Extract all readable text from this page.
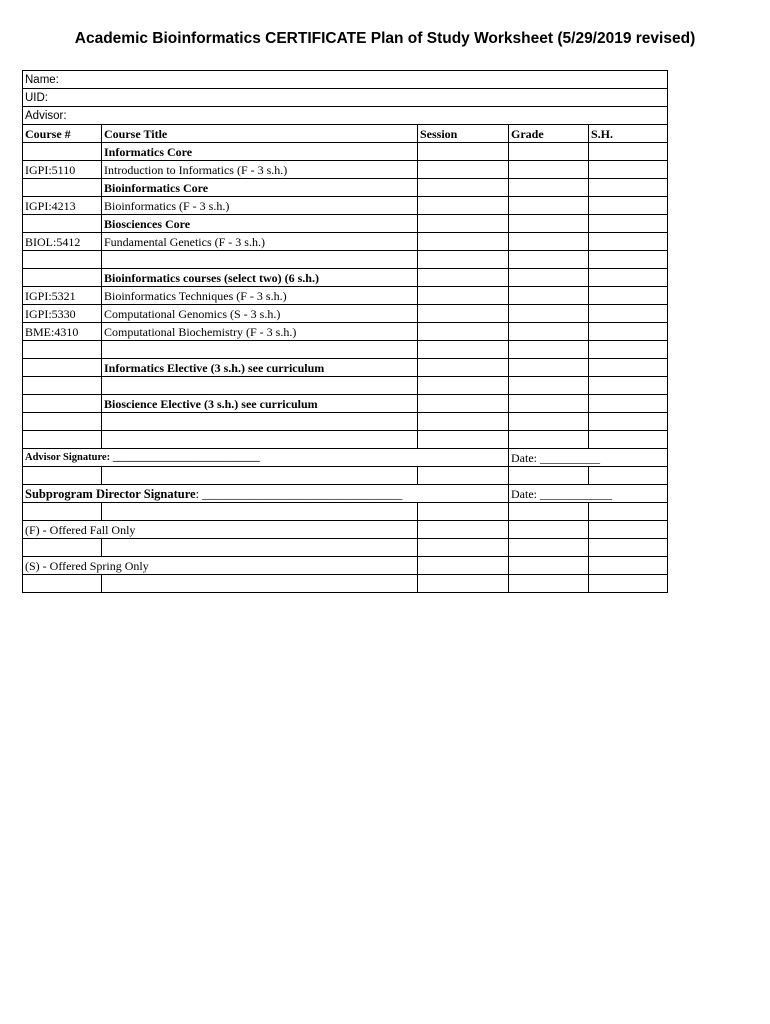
Academic Bioinformatics CERTIFICATE Plan of Study Worksheet (5/29/2019 revised)
Name:				
UID:				
Advisor:				
Course #	Course Title	Session	Grade	S.H.
	Informatics Core			
IGPI:5110	Introduction to Informatics (F - 3 s.h.)			
	Bioinformatics Core			
IGPI:4213	Bioinformatics (F - 3 s.h.)			
	Biosciences Core			
BIOL:5412	Fundamental Genetics (F - 3 s.h.)			

	Bioinformatics courses (select two) (6 s.h.)			
IGPI:5321	Bioinformatics Techniques (F - 3 s.h.)			
IGPI:5330	Computational Genomics (S - 3 s.h.)			
BME:4310	Computational Biochemistry (F - 3 s.h.)			

	Informatics Elective (3 s.h.) see curriculum			

	Bioscience Elective (3 s.h.) see curriculum			

Advisor Signature: ____________________________			Date: __________	

Subprogram Director Signature: ________________________________			Date: ____________	

(F) - Offered Fall Only				

(S) - Offered Spring Only				
